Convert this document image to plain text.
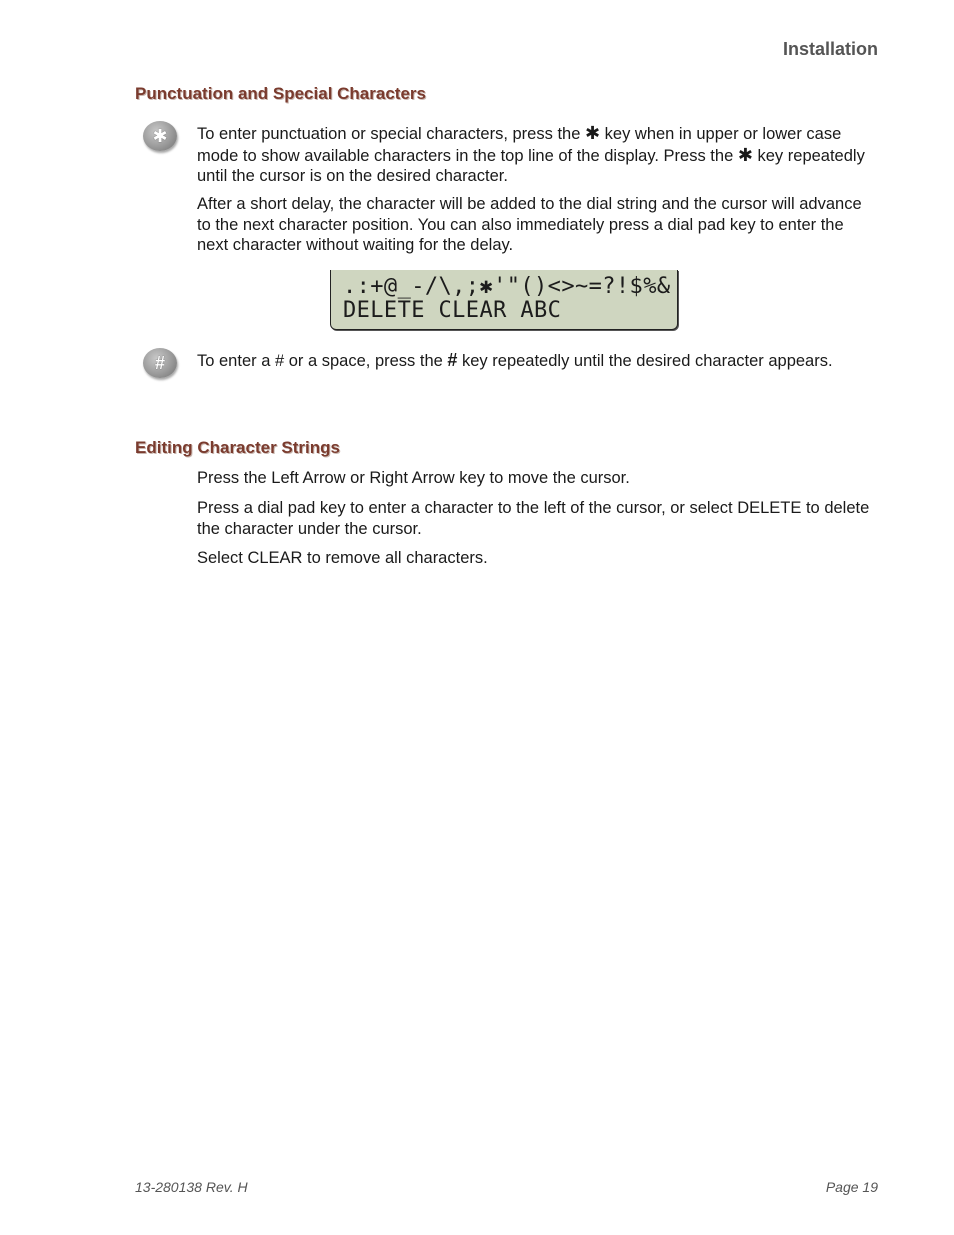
Installation
Punctuation and Special Characters
✱ To enter punctuation or special characters, press the ✱ key when in upper or lower case mode to show available characters in the top line of the display. Press the ✱ key repeatedly until the cursor is on the desired character.
After a short delay, the character will be added to the dial string and the cursor will advance to the next character position. You can also immediately press a dial pad key to enter the next character without waiting for the delay.
.:+@_-/\,;✱'"()<>~=?!$%&
DELETE CLEAR ABC
# To enter a # or a space, press the # key repeatedly until the desired character appears.
Editing Character Strings
Press the Left Arrow or Right Arrow key to move the cursor.
Press a dial pad key to enter a character to the left of the cursor, or select DELETE to delete the character under the cursor.
Select CLEAR to remove all characters.
13-280138 Rev. H	Page 19
